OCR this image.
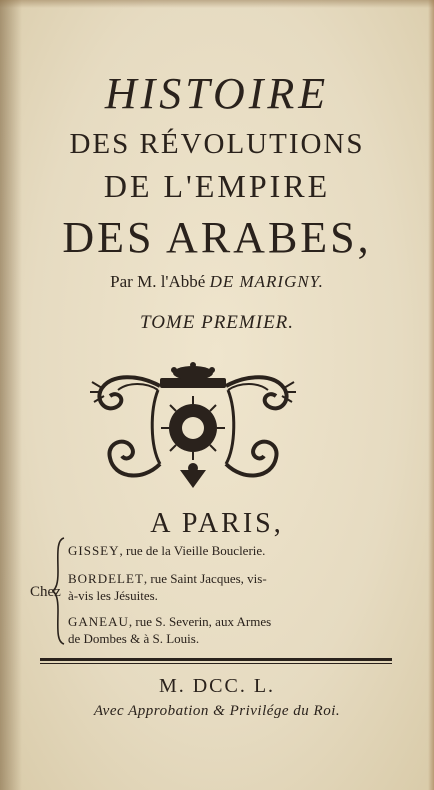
HISTOIRE
DES RÉVOLUTIONS
DE L'EMPIRE
DES ARABES,
Par M. l'Abbé DE MARIGNY.
TOME PREMIER.
A PARIS,
Chez
GISSEY, rue de la Vieille Bouclerie.
BORDELET, rue Saint Jacques, vis-
à-vis les Jésuites.
GANEAU, rue S. Severin, aux Armes
de Dombes & à S. Louis.
M. DCC. L.
Avec Approbation & Privilége du Roi.
